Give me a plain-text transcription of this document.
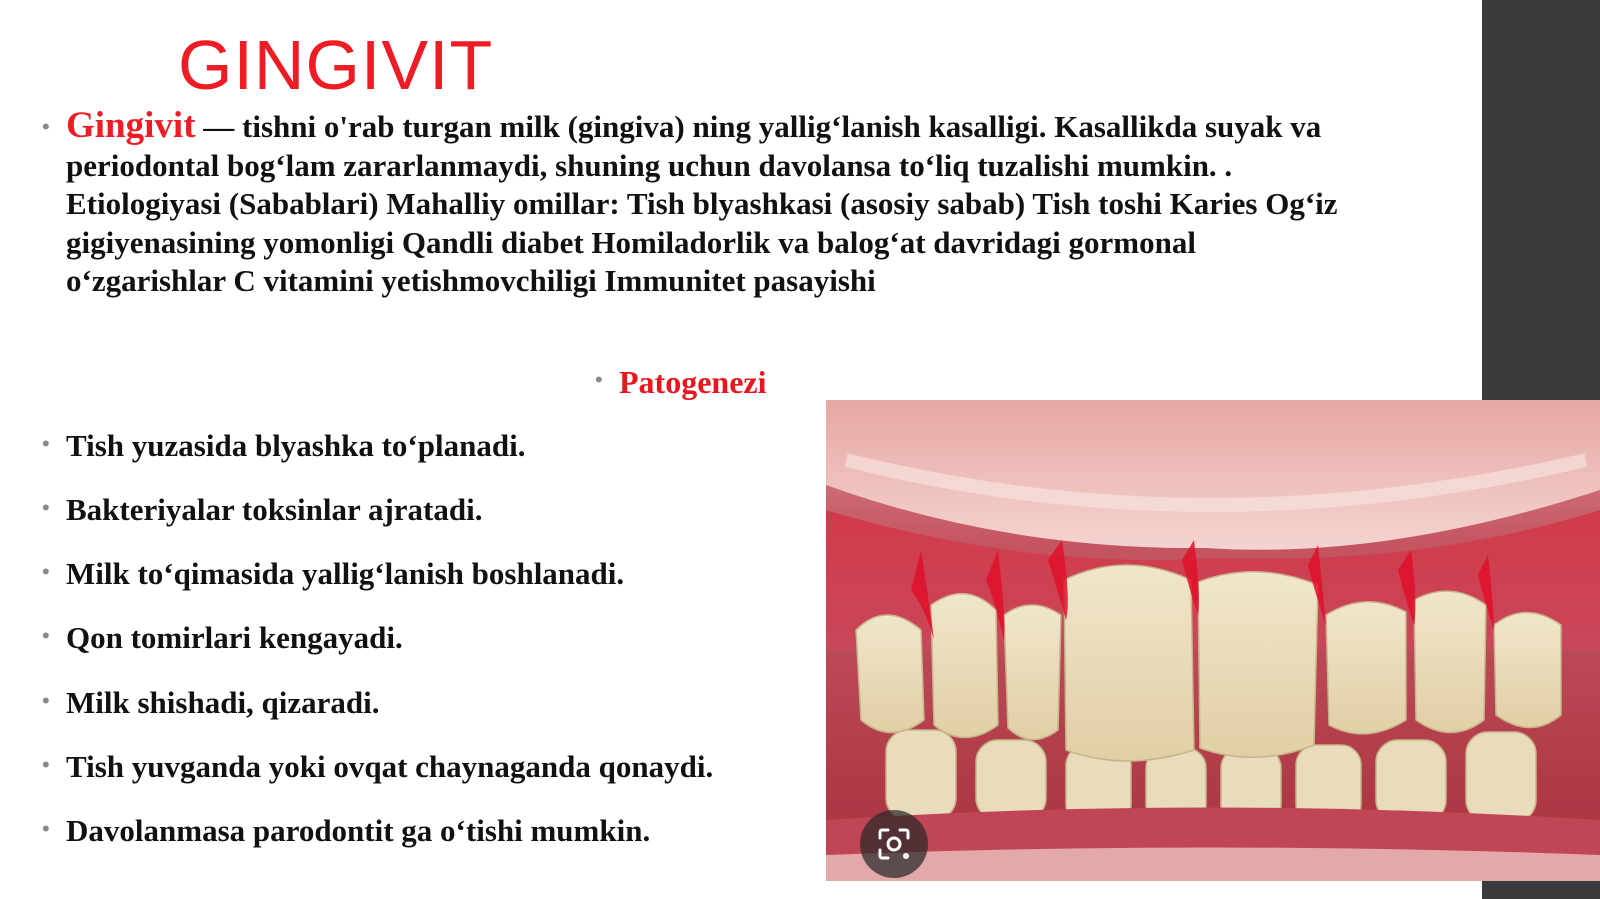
GINGIVIT
• Gingivit — tishni o'rab turgan milk (gingiva) ning yallig‘lanish kasalligi. Kasallikda suyak va periodontal bog‘lam zararlanmaydi, shuning uchun davolansa to‘liq tuzalishi mumkin. . Etiologiyasi (Sabablari) Mahalliy omillar: Tish blyashkasi (asosiy sabab) Tish toshi Karies Og‘iz gigiyenasining yomonligi Qandli diabet Homiladorlik va balog‘at davridagi gormonal o‘zgarishlar C vitamini yetishmovchiligi Immunitet pasayishi
• Patogenezi
• Tish yuzasida blyashka to‘planadi.
• Bakteriyalar toksinlar ajratadi.
• Milk to‘qimasida yallig‘lanish boshlanadi.
• Qon tomirlari kengayadi.
• Milk shishadi, qizaradi.
• Tish yuvganda yoki ovqat chaynaganda qonaydi.
• Davolanmasa parodontit ga o‘tishi mumkin.
